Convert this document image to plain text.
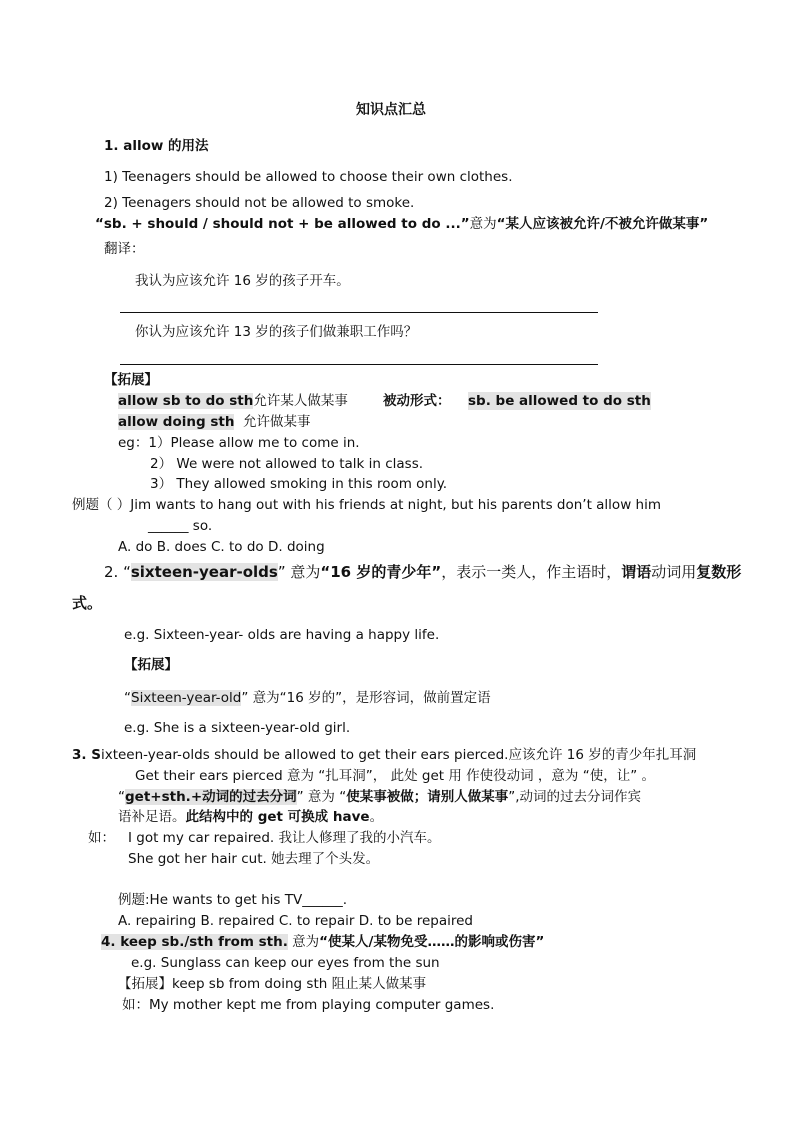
知识点汇总
1. allow 的用法
1) Teenagers should be allowed to choose their own clothes.
2) Teenagers should not be allowed to smoke.
“sb. + should / should not + be allowed to do ...”意为“某人应该被允许/不被允许做某事”
翻译：
我认为应该允许 16 岁的孩子开车。
你认为应该允许 13 岁的孩子们做兼职工作吗？
【拓展】
allow sb to do sth允许某人做某事	被动形式： sb. be allowed to do sth
allow doing sth 允许做某事
eg：1）Please allow me to come in.
2） We were not allowed to talk in class.
3） They allowed smoking in this room only.
例题（ ）Jim wants to hang out with his friends at night, but his parents don’t allow him
______ so.
A. do B. does C. to do D. doing
2. “sixteen-year-olds” 意为“16 岁的青少年”，表示一类人，作主语时，谓语动词用复数形
式。
e.g. Sixteen-year- olds are having a happy life.
【拓展】
“Sixteen-year-old” 意为“16 岁的”，是形容词，做前置定语
e.g. She is a sixteen-year-old girl.
3. Sixteen-year-olds should be allowed to get their ears pierced.应该允许 16 岁的青少年扎耳洞
Get their ears pierced 意为 “扎耳洞”， 此处 get 用 作使役动词 ，意为 “使，让” 。
“get+sth.+动词的过去分词” 意为 “使某事被做；请别人做某事”,动词的过去分词作宾
语补足语。此结构中的 get 可换成 have。
如： I got my car repaired. 我让人修理了我的小汽车。
She got her hair cut. 她去理了个头发。
例题:He wants to get his TV______.
A. repairing B. repaired C. to repair D. to be repaired
4. keep sb./sth from sth. 意为“使某人/某物免受……的影响或伤害”
e.g. Sunglass can keep our eyes from the sun
【拓展】keep sb from doing sth 阻止某人做某事
如：My mother kept me from playing computer games.
